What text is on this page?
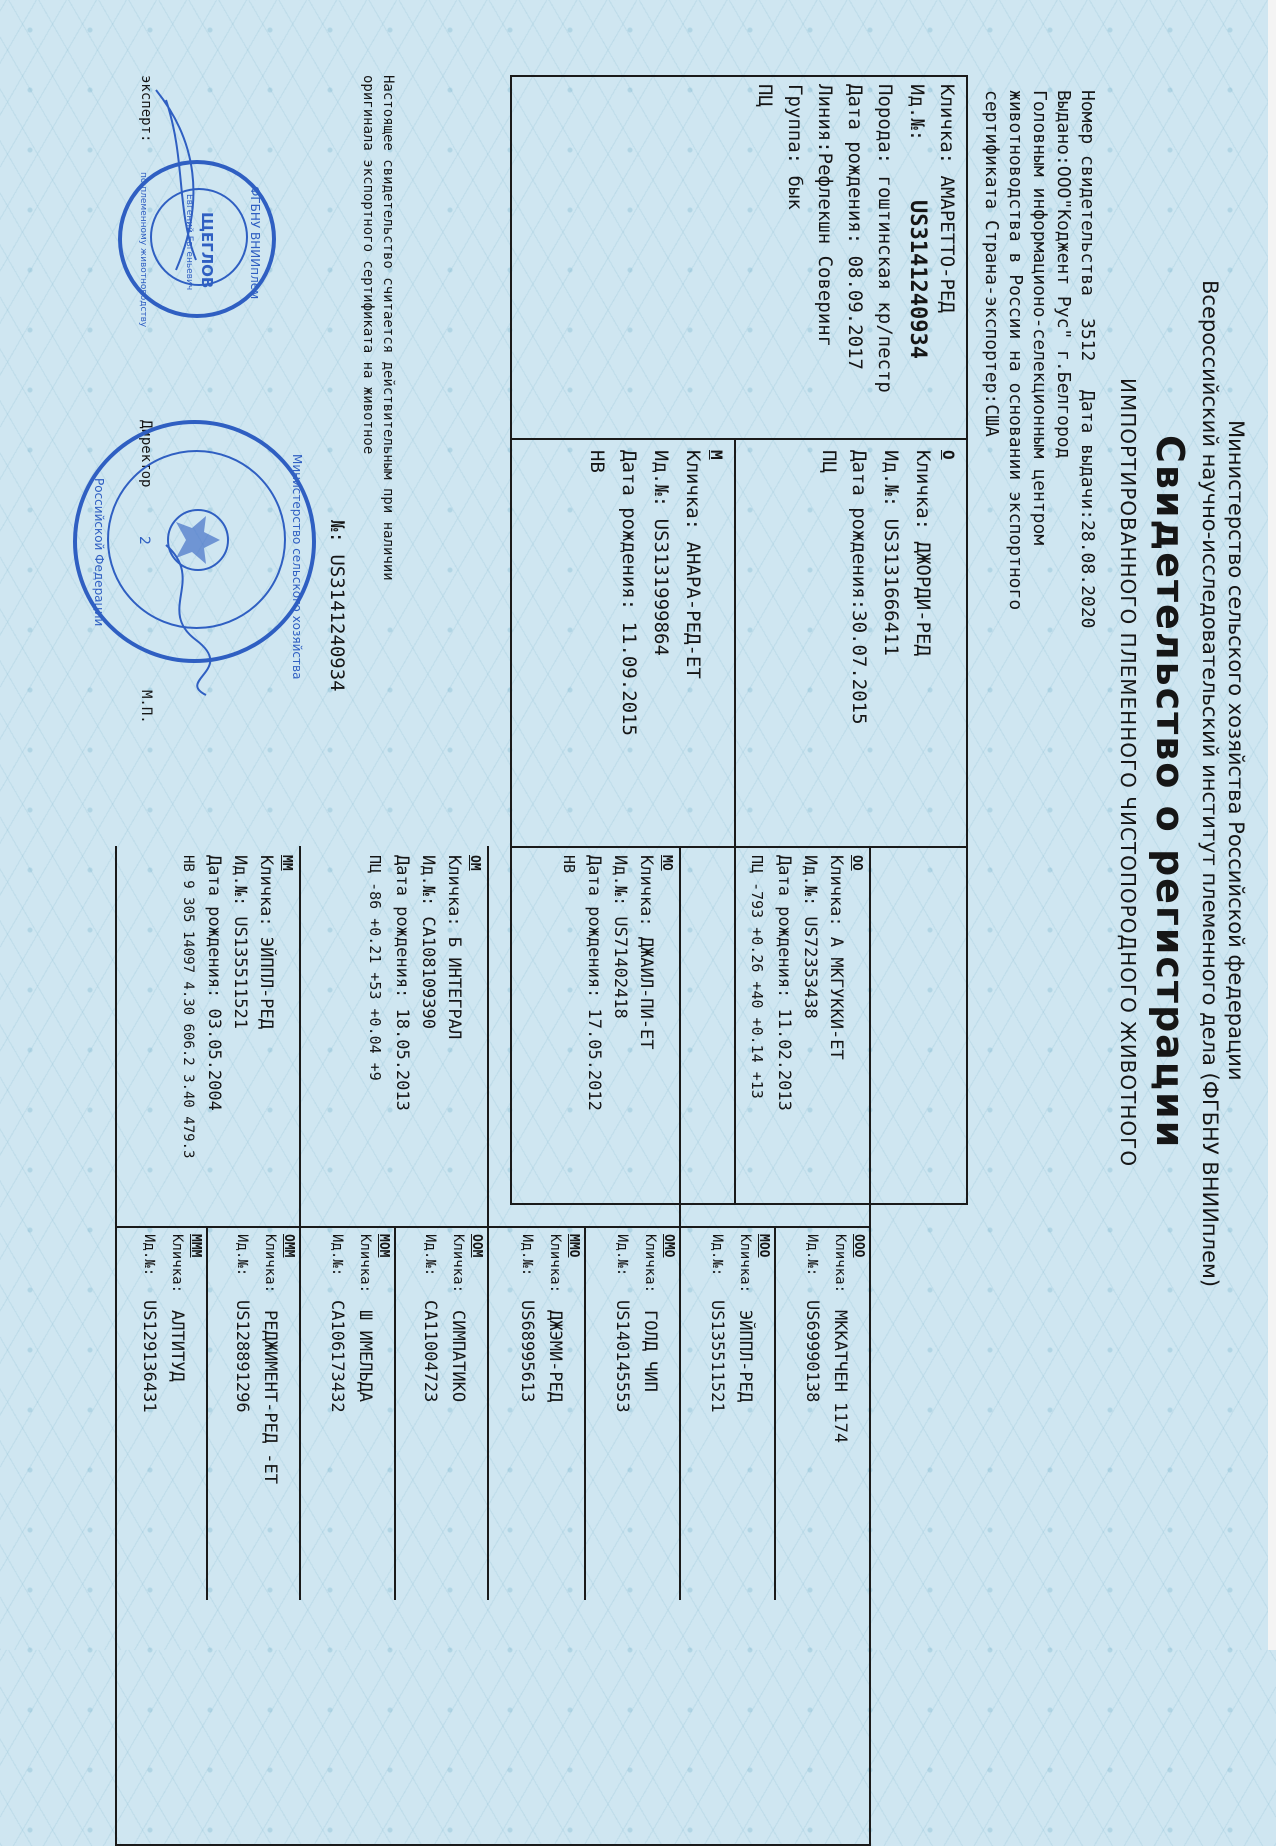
Министерство сельского хозяйства Российской федерации
Всероссийский научно-исследовательский институт племенного дела (ФГБНУ ВНИИплем)
Свидетельство о регистрации
ИМПОРТИРОВАННОГО ПЛЕМЕННОГО ЧИСТОПОРОДНОГО ЖИВОТНОГО
Номер свидетельства
3512
Дата выдачи:28.08.2020
Выдано:ООО"Коджент Рус" г.Белгород
Головным информационо-селекционным центром
животноводства в России на основании экспортного
сертификата Страна-экспортер:США
Кличка: АМАРЕТТО-РЕД
Ид.№:
US3141240934
Порода: гоштинская кр/пестр
Дата рождения: 08.09.2017
Линия:Рефлекшн Соверинг
Группа: бык
ПЦ
О
Кличка: ДЖОРДИ-РЕД
Ид.№: US3131666411
Дата рождения:30.07.2015
ПЦ
М
Кличка: АНАРА-РЕД-ЕТ
Ид.№: US3131999864
Дата рождения: 11.09.2015
НВ
ОО
Кличка: А МКГУККИ-ЕТ
Ид.№: US72353438
Дата рождения: 11.02.2013
ПЦ -793 +0.26 +40 +0.14 +13
МО
Кличка: ДЖАИЛ-ПИ-ЕТ
Ид.№: US71402418
Дата рождения: 17.05.2012
НВ
ОМ
Кличка: Б ИНТЕГРАЛ
Ид.№: CA108109390
Дата рождения: 18.05.2013
ПЦ -86 +0.21 +53 +0.04 +9
ММ
Кличка: ЭЙППЛ-РЕД
Ид.№: US135511521
Дата рождения: 03.05.2004
НВ 9 305 14097 4.30 606.2 3.40 479.3
ООО
Кличка:
МККАТЧЕН 1174
Ид.№:
US69990138
МОО
Кличка:
ЭЙППЛ-РЕД
Ид.№:
US135511521
ОМО
Кличка:
ГОЛД ЧИП
Ид.№:
US140145553
ММО
Кличка:
ДЖЭМИ-РЕД
Ид.№:
US68995613
ООМ
Кличка:
СИМПАТИКО
Ид.№:
CA11004723
МОМ
Кличка:
Ш ИМЕЛЬДА
Ид.№:
CA106173432
ОММ
Кличка:
РЕДЖИМЕНТ-РЕД -ЕТ
Ид.№:
US128891296
МММ
Кличка:
АЛТИТУД
Ид.№:
US129136431
Настоящее свидетельство считается действительным при наличии
оригинала экспортного сертификата на животное
№: US3141240934
эксперт:
Директор
М.П.
ФГБНУ ВНИИплем
ЩЕГЛОВ
Евгений Евгеньевич
по племенному животноводству
Министерство сельского хозяйства
Российской Федерации 2
